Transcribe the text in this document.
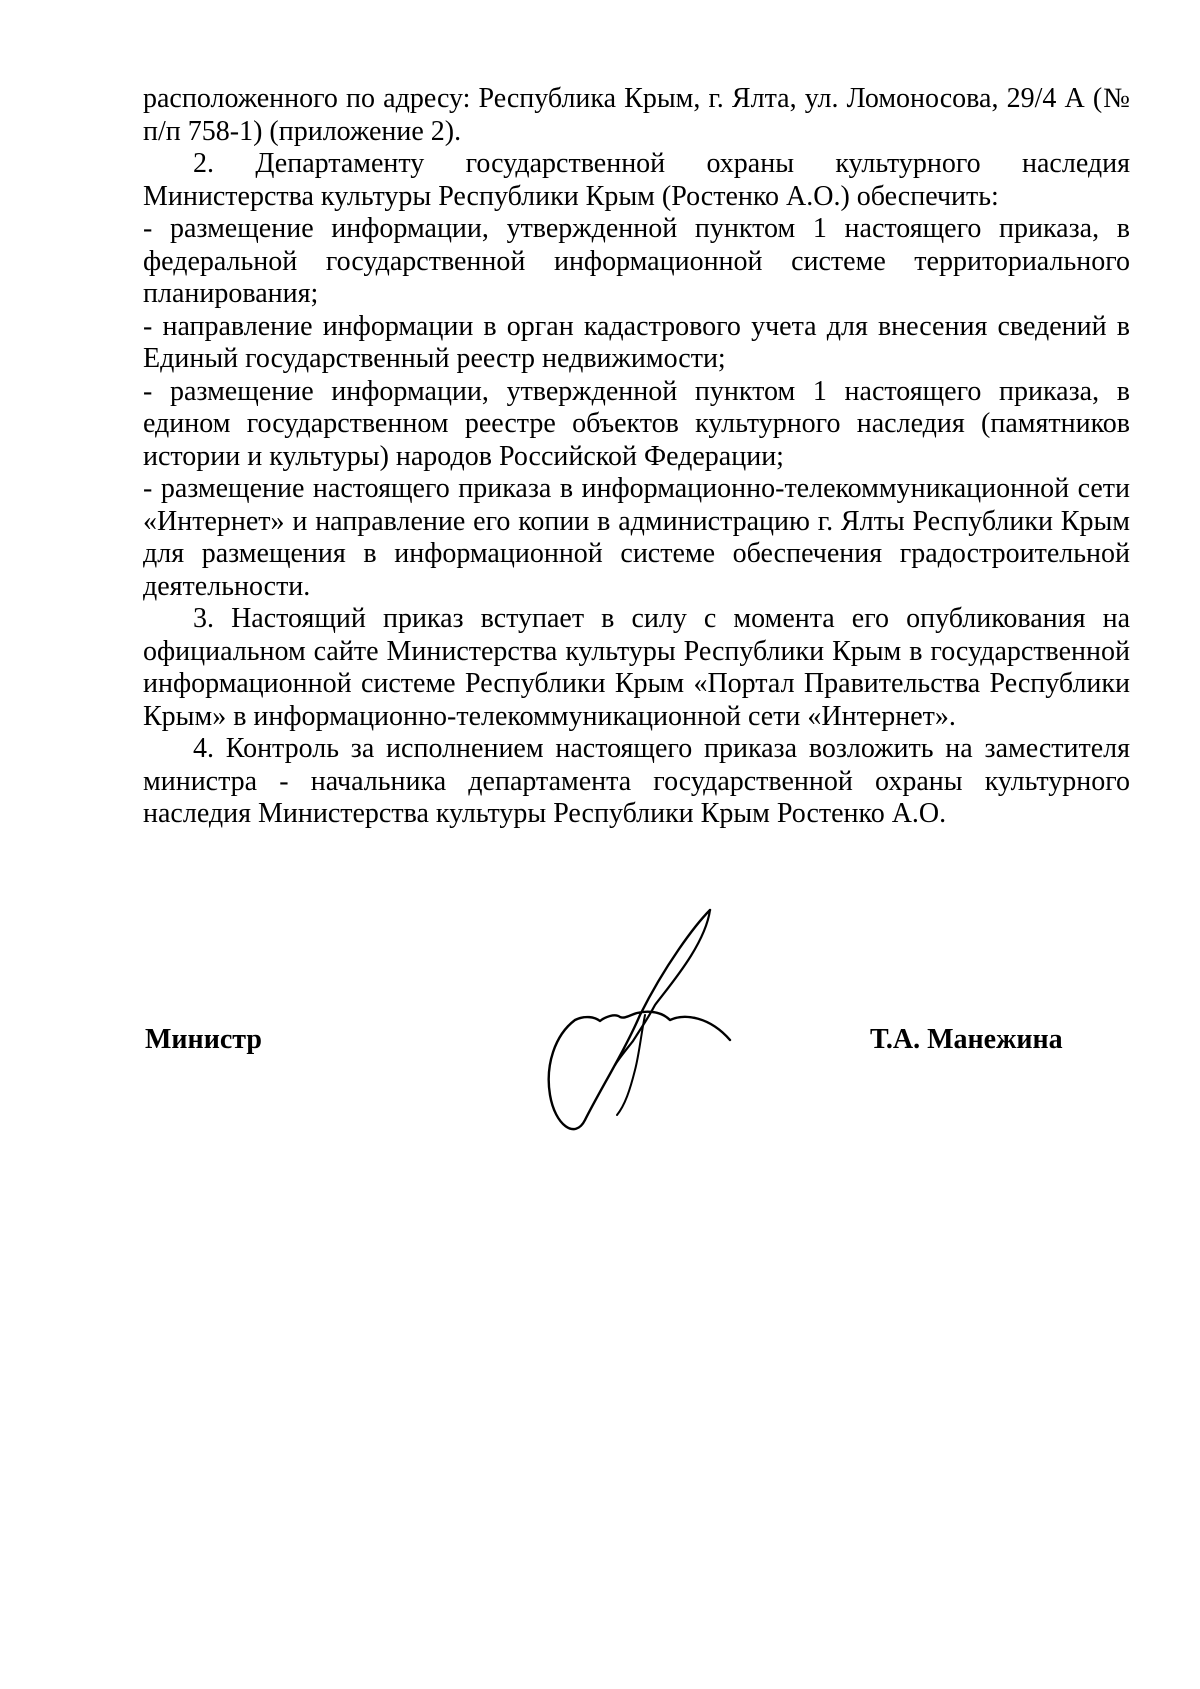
расположенного по адресу: Республика Крым, г. Ялта, ул. Ломоносова, 29/4 А (№ п/п 758-1) (приложение 2).

2. Департаменту государственной охраны культурного наследия Министерства культуры Республики Крым (Ростенко А.О.) обеспечить:

- размещение информации, утвержденной пунктом 1 настоящего приказа, в федеральной государственной информационной системе территориального планирования;

- направление информации в орган кадастрового учета для внесения сведений в Единый государственный реестр недвижимости;

- размещение информации, утвержденной пунктом 1 настоящего приказа, в едином государственном реестре объектов культурного наследия (памятников истории и культуры) народов Российской Федерации;

- размещение настоящего приказа в информационно-телекоммуникационной сети «Интернет» и направление его копии в администрацию г. Ялты Республики Крым для размещения в информационной системе обеспечения градостроительной деятельности.

3. Настоящий приказ вступает в силу с момента его опубликования на официальном сайте Министерства культуры Республики Крым в государственной информационной системе Республики Крым «Портал Правительства Республики Крым» в информационно-телекоммуникационной сети «Интернет».

4. Контроль за исполнением настоящего приказа возложить на заместителя министра - начальника департамента государственной охраны культурного наследия Министерства культуры Республики Крым Ростенко А.О.

Министр	Т.А. Манежина
